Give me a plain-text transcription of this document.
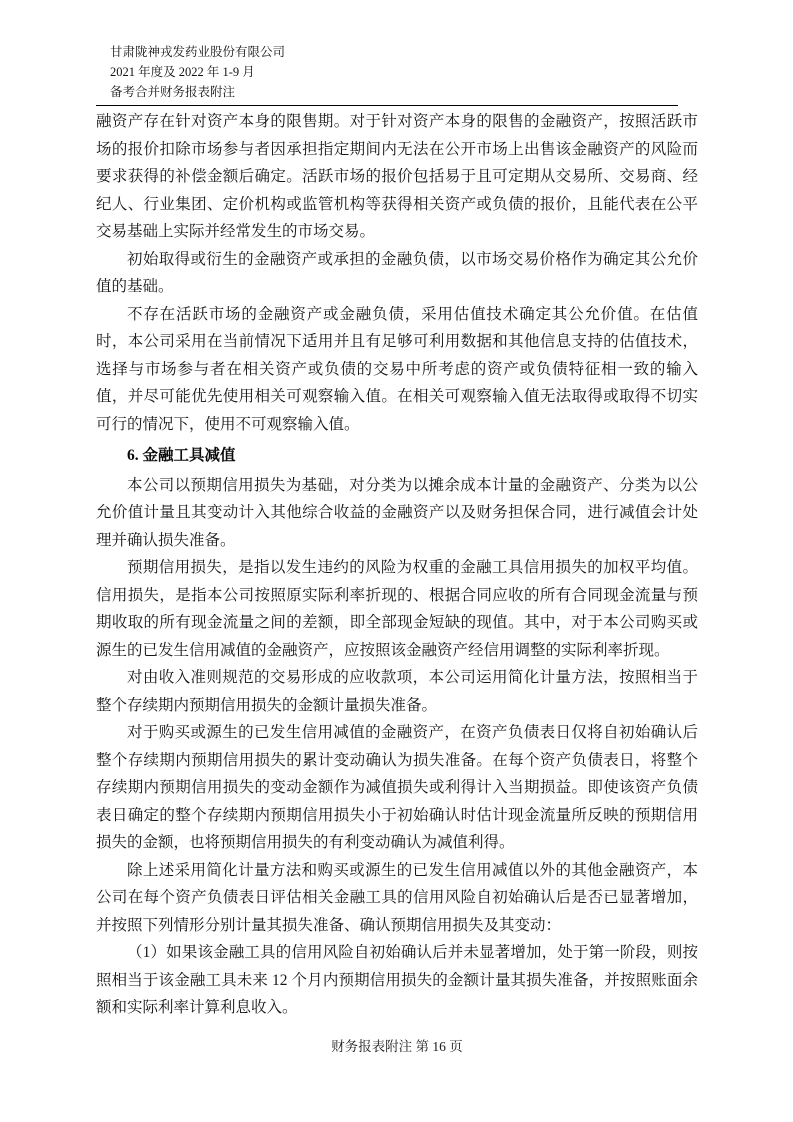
甘肃陇神戎发药业股份有限公司
2021 年度及 2022 年 1-9 月
备考合并财务报表附注

融资产存在针对资产本身的限售期。对于针对资产本身的限售的金融资产，按照活跃市场的报价扣除市场参与者因承担指定期间内无法在公开市场上出售该金融资产的风险而要求获得的补偿金额后确定。活跃市场的报价包括易于且可定期从交易所、交易商、经纪人、行业集团、定价机构或监管机构等获得相关资产或负债的报价，且能代表在公平交易基础上实际并经常发生的市场交易。

初始取得或衍生的金融资产或承担的金融负债，以市场交易价格作为确定其公允价值的基础。

不存在活跃市场的金融资产或金融负债，采用估值技术确定其公允价值。在估值时，本公司采用在当前情况下适用并且有足够可利用数据和其他信息支持的估值技术，选择与市场参与者在相关资产或负债的交易中所考虑的资产或负债特征相一致的输入值，并尽可能优先使用相关可观察输入值。在相关可观察输入值无法取得或取得不切实可行的情况下，使用不可观察输入值。

6. 金融工具减值

本公司以预期信用损失为基础，对分类为以摊余成本计量的金融资产、分类为以公允价值计量且其变动计入其他综合收益的金融资产以及财务担保合同，进行减值会计处理并确认损失准备。

预期信用损失，是指以发生违约的风险为权重的金融工具信用损失的加权平均值。信用损失，是指本公司按照原实际利率折现的、根据合同应收的所有合同现金流量与预期收取的所有现金流量之间的差额，即全部现金短缺的现值。其中，对于本公司购买或源生的已发生信用减值的金融资产，应按照该金融资产经信用调整的实际利率折现。

对由收入准则规范的交易形成的应收款项，本公司运用简化计量方法，按照相当于整个存续期内预期信用损失的金额计量损失准备。

对于购买或源生的已发生信用减值的金融资产，在资产负债表日仅将自初始确认后整个存续期内预期信用损失的累计变动确认为损失准备。在每个资产负债表日，将整个存续期内预期信用损失的变动金额作为减值损失或利得计入当期损益。即使该资产负债表日确定的整个存续期内预期信用损失小于初始确认时估计现金流量所反映的预期信用损失的金额，也将预期信用损失的有利变动确认为减值利得。

除上述采用简化计量方法和购买或源生的已发生信用减值以外的其他金融资产，本公司在每个资产负债表日评估相关金融工具的信用风险自初始确认后是否已显著增加，并按照下列情形分别计量其损失准备、确认预期信用损失及其变动：

（1）如果该金融工具的信用风险自初始确认后并未显著增加，处于第一阶段，则按照相当于该金融工具未来 12 个月内预期信用损失的金额计量其损失准备，并按照账面余额和实际利率计算利息收入。

财务报表附注 第 16 页
